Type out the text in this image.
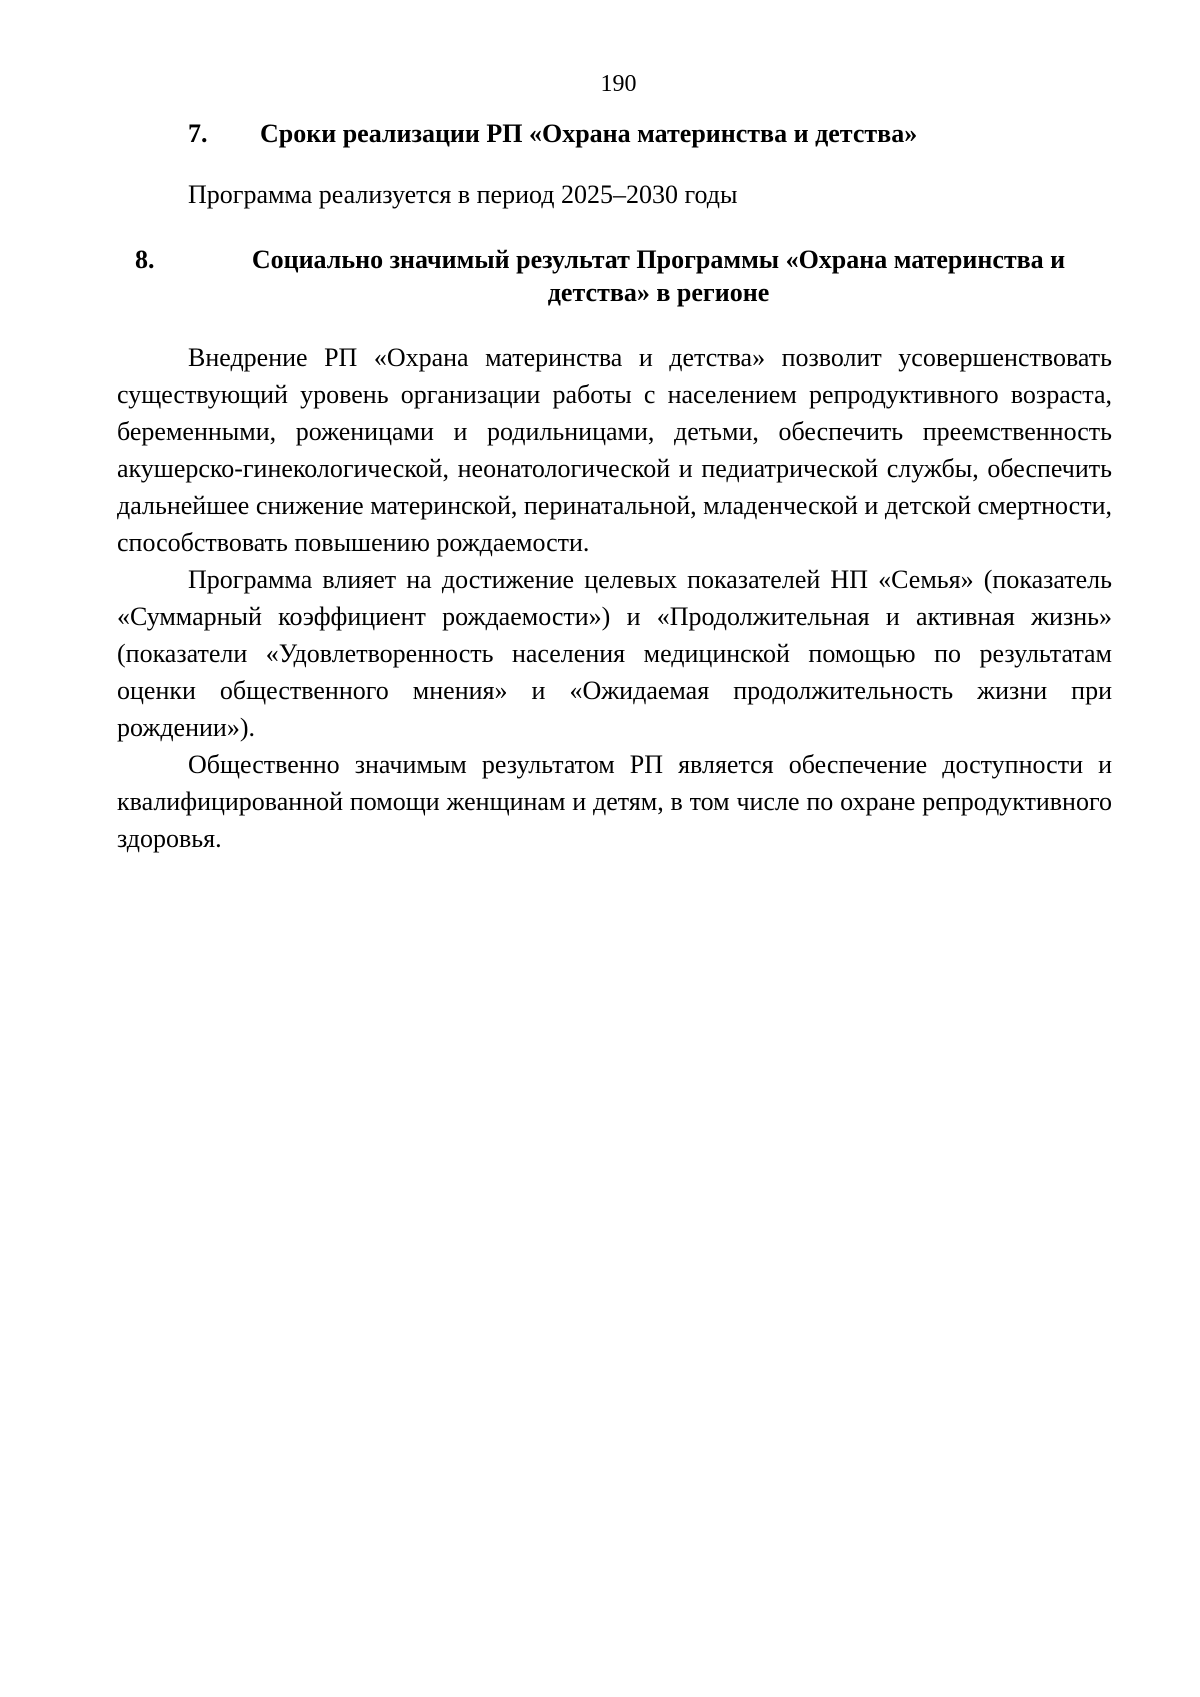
190
7. Сроки реализации РП «Охрана материнства и детства»
Программа реализуется в период 2025–2030 годы
8.	Социально значимый результат Программы «Охрана материнства и детства» в регионе

Внедрение РП «Охрана материнства и детства» позволит усовершенствовать существующий уровень организации работы с населением репродуктивного возраста, беременными, роженицами и родильницами, детьми, обеспечить преемственность акушерско-гинекологической, неонатологической и педиатрической службы, обеспечить дальнейшее снижение материнской, перинатальной, младенческой и детской смертности, способствовать повышению рождаемости.

Программа влияет на достижение целевых показателей НП «Семья» (показатель «Суммарный коэффициент рождаемости») и «Продолжительная и активная жизнь» (показатели «Удовлетворенность населения медицинской помощью по результатам оценки общественного мнения» и «Ожидаемая продолжительность жизни при рождении»).

Общественно значимым результатом РП является обеспечение доступности и квалифицированной помощи женщинам и детям, в том числе по охране репродуктивного здоровья.
